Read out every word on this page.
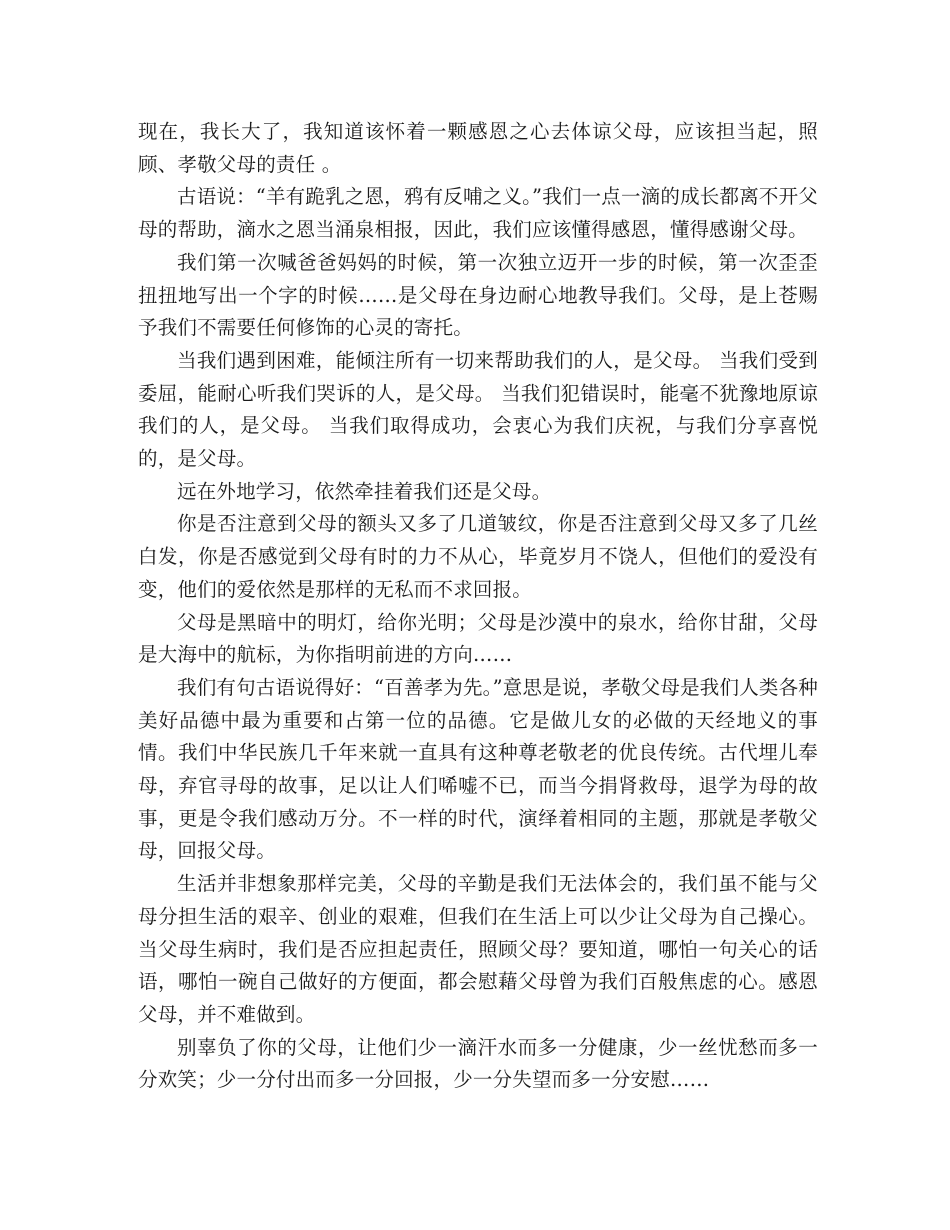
现在，我长大了，我知道该怀着一颗感恩之心去体谅父母，应该担当起，照顾、孝敬父母的责任 。

古语说：“羊有跪乳之恩，鸦有反哺之义。”我们一点一滴的成长都离不开父母的帮助，滴水之恩当涌泉相报，因此，我们应该懂得感恩，懂得感谢父母。

我们第一次喊爸爸妈妈的时候，第一次独立迈开一步的时候，第一次歪歪扭扭地写出一个字的时候……是父母在身边耐心地教导我们。父母，是上苍赐予我们不需要任何修饰的心灵的寄托。

当我们遇到困难，能倾注所有一切来帮助我们的人，是父母。 当我们受到委屈，能耐心听我们哭诉的人，是父母。 当我们犯错误时，能毫不犹豫地原谅我们的人，是父母。 当我们取得成功，会衷心为我们庆祝，与我们分享喜悦的，是父母。

远在外地学习，依然牵挂着我们还是父母。

你是否注意到父母的额头又多了几道皱纹，你是否注意到父母又多了几丝白发，你是否感觉到父母有时的力不从心，毕竟岁月不饶人，但他们的爱没有变，他们的爱依然是那样的无私而不求回报。

父母是黑暗中的明灯，给你光明；父母是沙漠中的泉水，给你甘甜，父母是大海中的航标，为你指明前进的方向……

我们有句古语说得好：“百善孝为先。”意思是说，孝敬父母是我们人类各种美好品德中最为重要和占第一位的品德。它是做儿女的必做的天经地义的事情。我们中华民族几千年来就一直具有这种尊老敬老的优良传统。古代埋儿奉母，弃官寻母的故事，足以让人们唏嘘不已，而当今捐肾救母，退学为母的故事，更是令我们感动万分。不一样的时代，演绎着相同的主题，那就是孝敬父母，回报父母。

生活并非想象那样完美，父母的辛勤是我们无法体会的，我们虽不能与父母分担生活的艰辛、创业的艰难，但我们在生活上可以少让父母为自己操心。当父母生病时，我们是否应担起责任，照顾父母？要知道，哪怕一句关心的话语，哪怕一碗自己做好的方便面，都会慰藉父母曾为我们百般焦虑的心。感恩父母，并不难做到。

别辜负了你的父母，让他们少一滴汗水而多一分健康，少一丝忧愁而多一分欢笑；少一分付出而多一分回报，少一分失望而多一分安慰……
